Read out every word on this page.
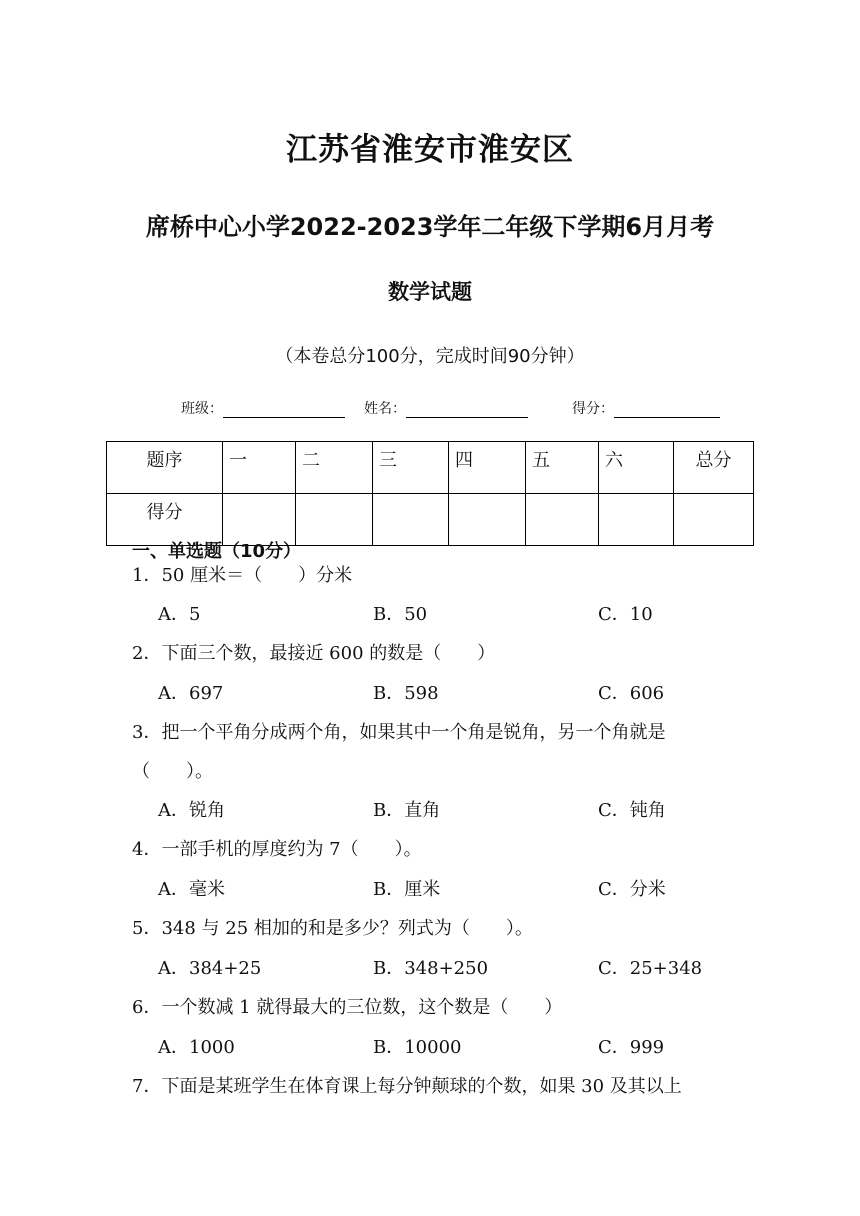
江苏省淮安市淮安区
席桥中心小学2022-2023学年二年级下学期6月月考
数学试题
（本卷总分100分，完成时间90分钟）
班级：	姓名：	得分：
题序	一	二	三	四	五	六	总分
得分							
一、单选题（10分）
1．50 厘米＝（　　）分米
A．5	B．50	C．10
2．下面三个数，最接近 600 的数是（　　）
A．697	B．598	C．606
3．把一个平角分成两个角，如果其中一个角是锐角，另一个角就是
（　　）。
A．锐角	B．直角	C．钝角
4．一部手机的厚度约为 7（　　）。
A．毫米	B．厘米	C．分米
5．348 与 25 相加的和是多少？列式为（　　）。
A．384+25	B．348+250	C．25+348
6．一个数减 1 就得最大的三位数，这个数是（　　）
A．1000	B．10000	C．999
7．下面是某班学生在体育课上每分钟颠球的个数，如果 30 及其以上
